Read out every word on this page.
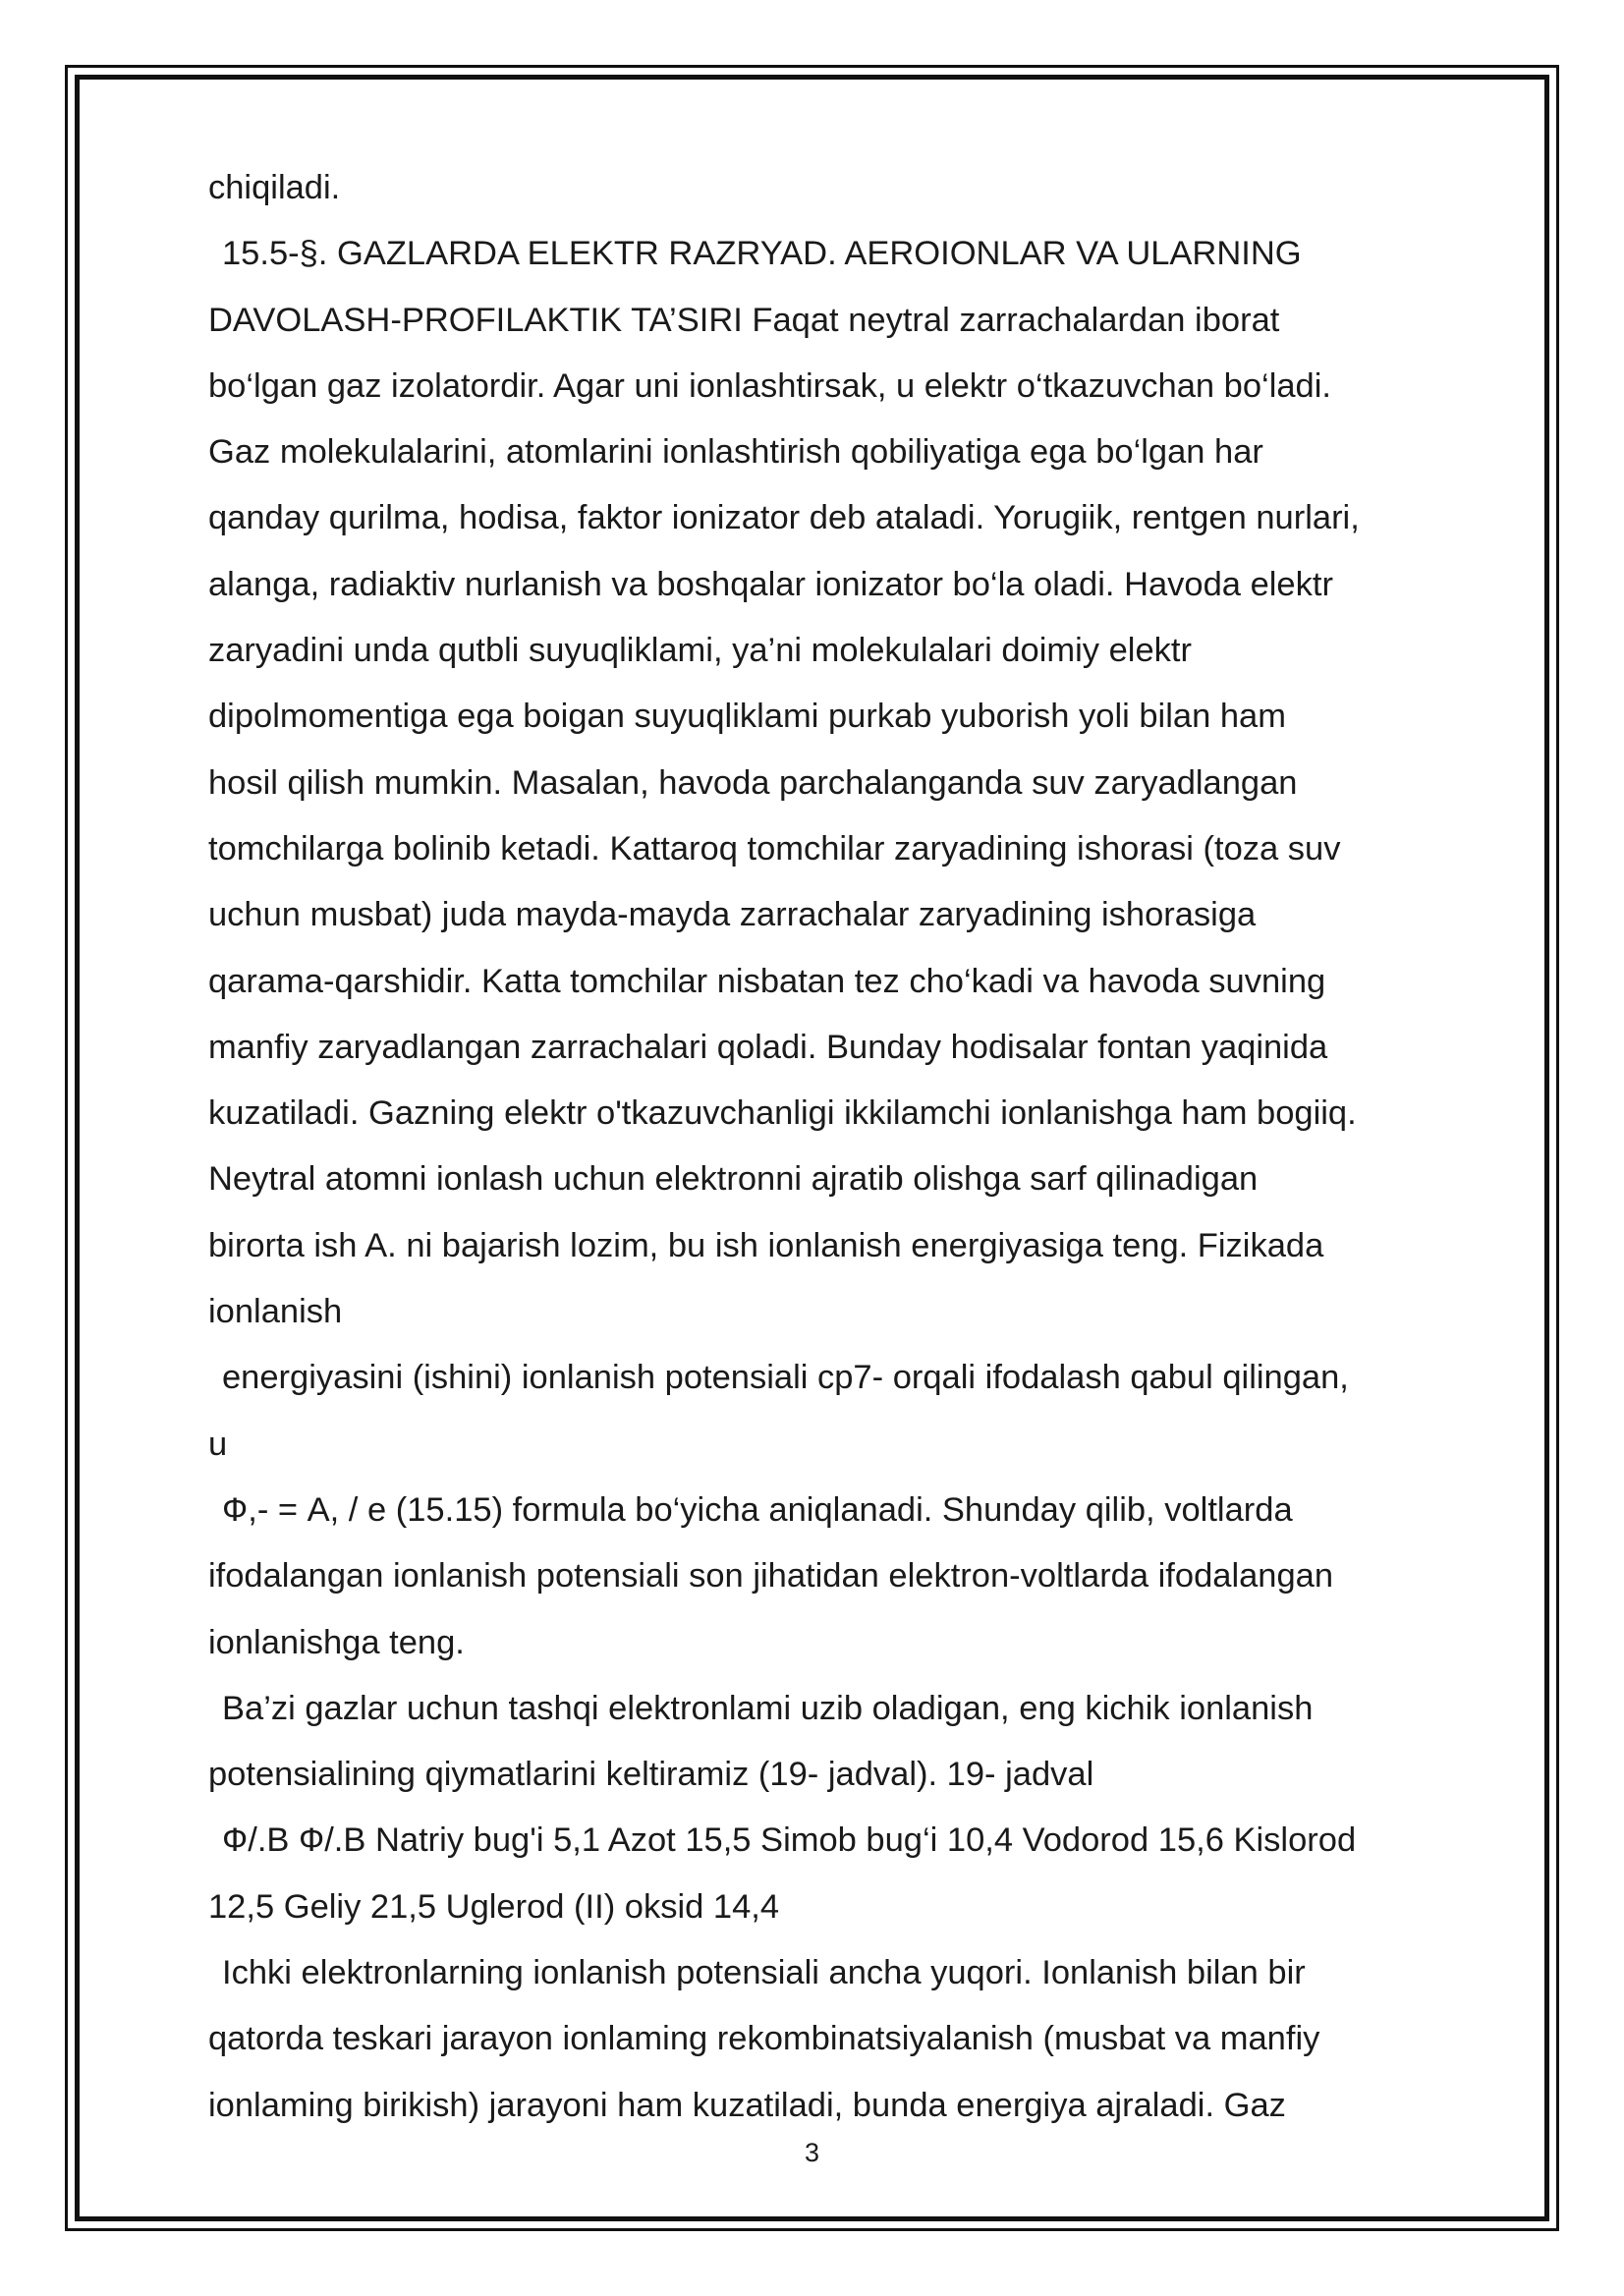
chiqiladi.
15.5-§. GAZLARDA ELEKTR RAZRYAD. AEROIONLAR VA ULARNING
DAVOLASH-PROFILAKTIK TA’SIRI Faqat neytral zarrachalardan iborat
bo‘lgan gaz izolatordir. Agar uni ionlashtirsak, u elektr o‘tkazuvchan bo‘ladi.
Gaz molekulalarini, atomlarini ionlashtirish qobiliyatiga ega bo‘lgan har
qanday qurilma, hodisa, faktor ionizator deb ataladi. Yorugiik, rentgen nurlari,
alanga, radiaktiv nurlanish va boshqalar ionizator bo‘la oladi. Havoda elektr
zaryadini unda qutbli suyuqliklami, ya’ni molekulalari doimiy elektr
dipolmomentiga ega boigan suyuqliklami purkab yuborish yoli bilan ham
hosil qilish mumkin. Masalan, havoda parchalanganda suv zaryadlangan
tomchilarga bolinib ketadi. Kattaroq tomchilar zaryadining ishorasi (toza suv
uchun musbat) juda mayda-mayda zarrachalar zaryadining ishorasiga
qarama-qarshidir. Katta tomchilar nisbatan tez cho‘kadi va havoda suvning
manfiy zaryadlangan zarrachalari qoladi. Bunday hodisalar fontan yaqinida
kuzatiladi. Gazning elektr o'tkazuvchanligi ikkilamchi ionlanishga ham bogiiq.
Neytral atomni ionlash uchun elektronni ajratib olishga sarf qilinadigan
birorta ish A. ni bajarish lozim, bu ish ionlanish energiyasiga teng. Fizikada
ionlanish
energiyasini (ishini) ionlanish potensiali cp7- orqali ifodalash qabul qilingan,
u
Ф,- = A, / e (15.15) formula bo‘yicha aniqlanadi. Shunday qilib, voltlarda
ifodalangan ionlanish potensiali son jihatidan elektron-voltlarda ifodalangan
ionlanishga teng.
Ba’zi gazlar uchun tashqi elektronlami uzib oladigan, eng kichik ionlanish
potensialining qiymatlarini keltiramiz (19- jadval). 19- jadval
Ф/.В Ф/.В Natriy bug'i 5,1 Azot 15,5 Simob bug‘i 10,4 Vodorod 15,6 Kislorod
12,5 Geliy 21,5 Uglerod (II) oksid 14,4
Ichki elektronlarning ionlanish potensiali ancha yuqori. Ionlanish bilan bir
qatorda teskari jarayon ionlaming rekombinatsiyalanish (musbat va manfiy
ionlaming birikish) jarayoni ham kuzatiladi, bunda energiya ajraladi. Gaz
3
